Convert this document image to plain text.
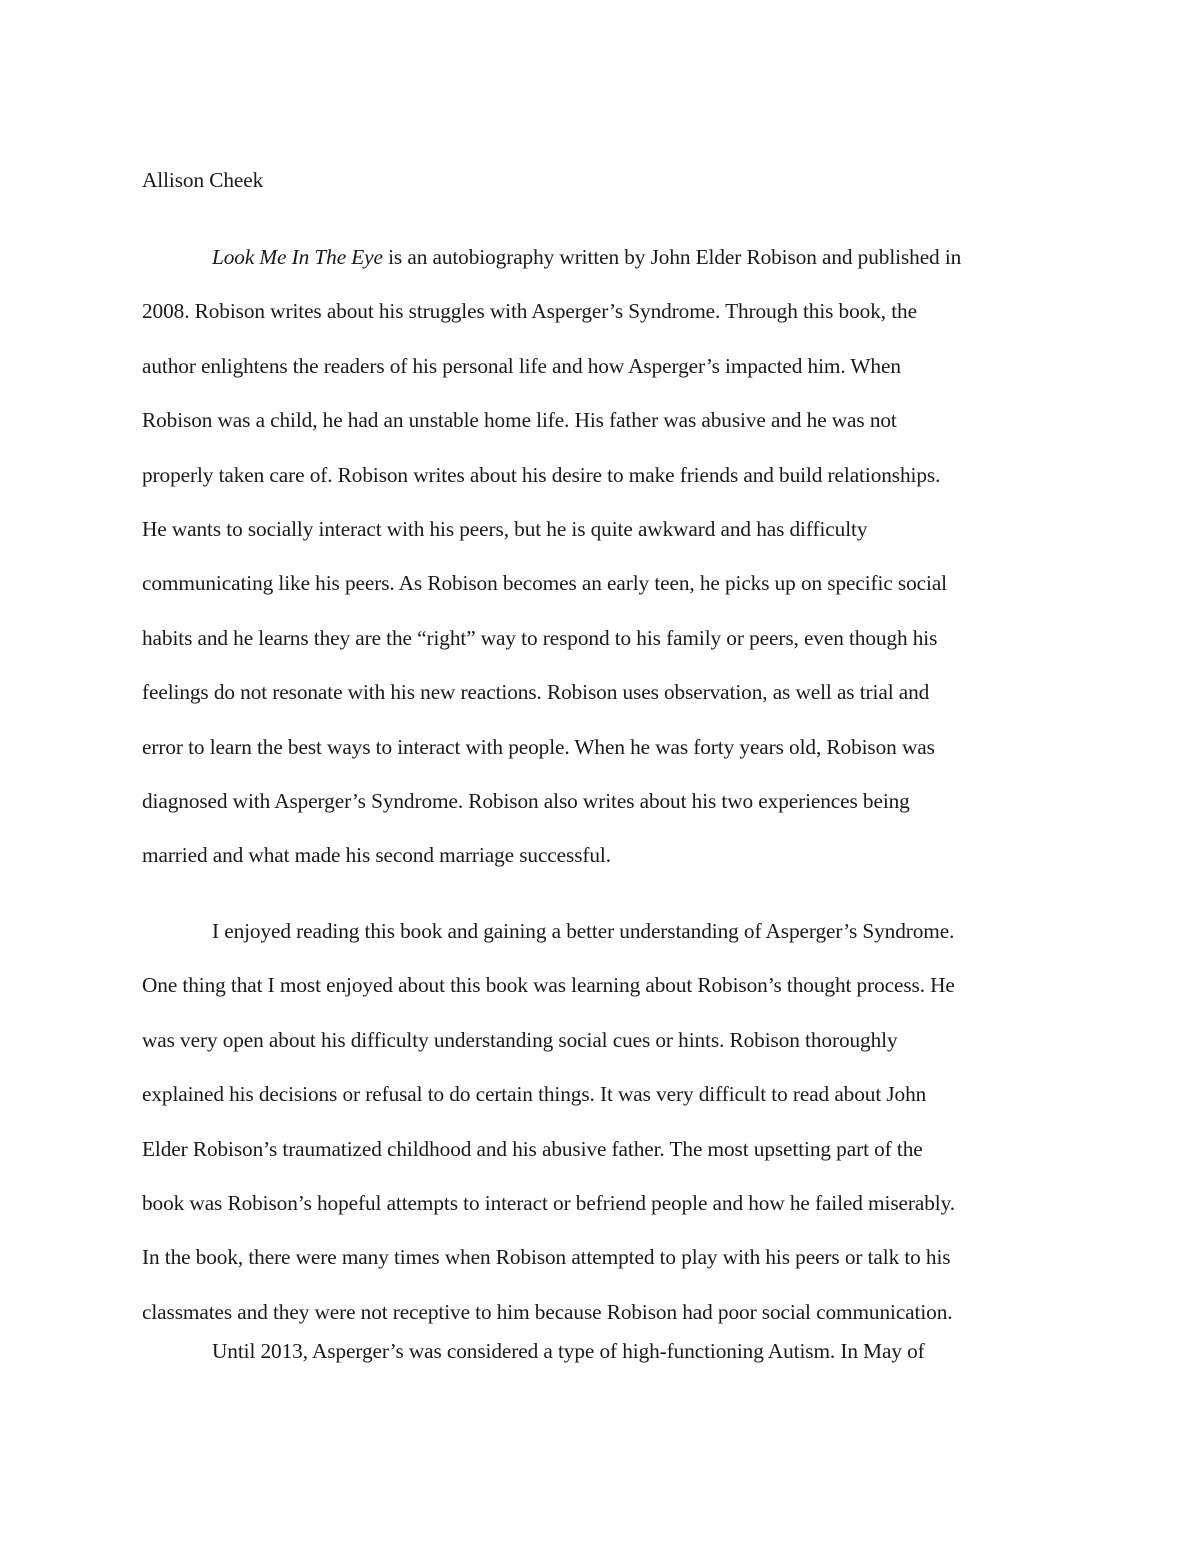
Allison Cheek

Look Me In The Eye is an autobiography written by John Elder Robison and published in
2008. Robison writes about his struggles with Asperger’s Syndrome. Through this book, the
author enlightens the readers of his personal life and how Asperger’s impacted him. When
Robison was a child, he had an unstable home life. His father was abusive and he was not
properly taken care of. Robison writes about his desire to make friends and build relationships.
He wants to socially interact with his peers, but he is quite awkward and has difficulty
communicating like his peers. As Robison becomes an early teen, he picks up on specific social
habits and he learns they are the “right” way to respond to his family or peers, even though his
feelings do not resonate with his new reactions. Robison uses observation, as well as trial and
error to learn the best ways to interact with people. When he was forty years old, Robison was
diagnosed with Asperger’s Syndrome. Robison also writes about his two experiences being
married and what made his second marriage successful.
I enjoyed reading this book and gaining a better understanding of Asperger’s Syndrome.
One thing that I most enjoyed about this book was learning about Robison’s thought process. He
was very open about his difficulty understanding social cues or hints. Robison thoroughly
explained his decisions or refusal to do certain things. It was very difficult to read about John
Elder Robison’s traumatized childhood and his abusive father. The most upsetting part of the
book was Robison’s hopeful attempts to interact or befriend people and how he failed miserably.
In the book, there were many times when Robison attempted to play with his peers or talk to his
classmates and they were not receptive to him because Robison had poor social communication.
Until 2013, Asperger’s was considered a type of high-functioning Autism. In May of
